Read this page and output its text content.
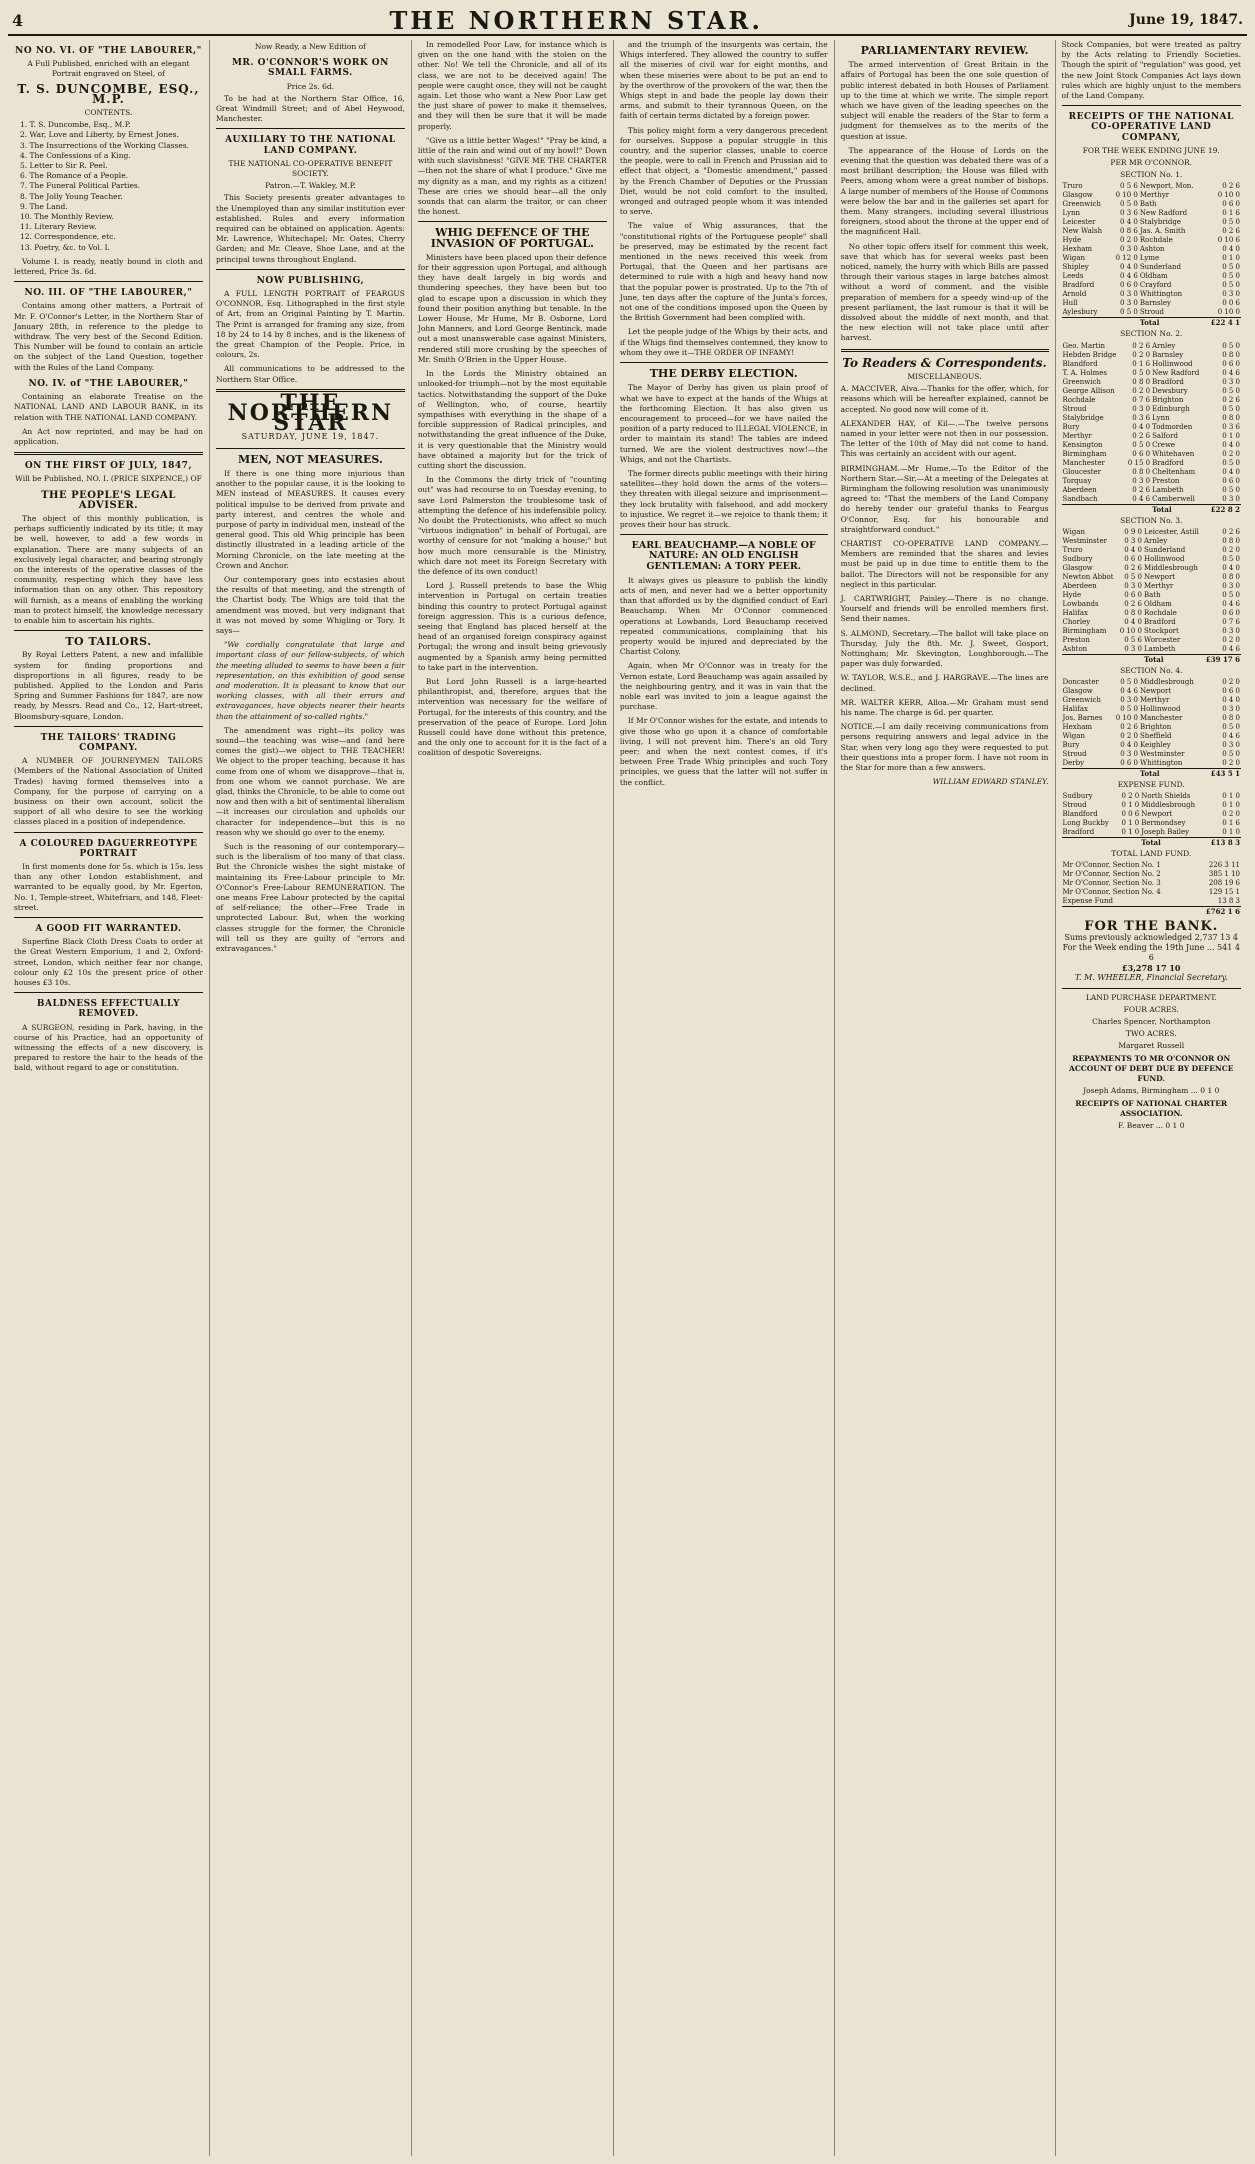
4	THE NORTHERN STAR.	June 19, 1847.
NO NO. VI. OF "THE LABOURER,"
A Full Published, enriched with an elegant Portrait engraved on Steel, of
T. S. DUNCOMBE, ESQ., M.P.
CONTENTS.
1. T. S. Duncombe, Esq., M.P.
2. War, Love and Liberty, by Ernest Jones.
3. The Insurrections of the Working Classes.
4. The Confessions of a King.
5. Letter to Sir R. Peel.
6. The Romance of a People.
7. The Funeral Political Parties.
8. The Jolly Young Teacher.
9. The Land.
10. The Monthly Review.
11. Literary Review.
12. Correspondence, etc.
13. Poetry, &c. to Vol. I.

Volume I. is ready, neatly bound in cloth and lettered, Price 3s. 6d.

NO. III. OF "THE LABOURER,"

Contains among other matters, a Portrait of Mr. F. O'Connor's Letter, in the Northern Star of January 28th, in reference to the pledge to withdraw. The very best of the Second Edition. This Number will be found to contain an article on the subject of the Land Question, together with the Rules of the Land Company.

NO. IV. of "THE LABOURER,"

Containing an elaborate Treatise on the NATIONAL LAND AND LABOUR BANK, in its relation with THE NATIONAL LAND COMPANY.

An Act now reprinted, and may be had on application.

ON THE FIRST OF JULY, 1847,
Will be Published, NO. I. (PRICE SIXPENCE,) OF
THE PEOPLE'S LEGAL ADVISER.

The object of this monthly publication, is perhaps sufficiently indicated by its title; it may be well, however, to add a few words in explanation. There are many subjects of an exclusively legal character, and bearing strongly on the interests of the operative classes of the community, respecting which they have less information than on any other. This repository will furnish, as a means of enabling the working man to protect himself, the knowledge necessary to enable him to ascertain his rights.

TO TAILORS.

By Royal Letters Patent, a new and infallible system for finding proportions and disproportions in all figures, ready to be published. Applied to the London and Paris Spring and Summer Fashions for 1847, are now ready, by Messrs. Read and Co., 12, Hart-street, Bloomsbury-square, London.

THE TAILORS' TRADING COMPANY.

A NUMBER OF JOURNEYMEN TAILORS (Members of the National Association of United Trades) having formed themselves into a Company, for the purpose of carrying on a business on their own account, solicit the support of all who desire to see the working classes placed in a position of independence.

A COLOURED DAGUERREOTYPE PORTRAIT

In first moments done for 5s. which is 15s. less than any other London establishment, and warranted to be equally good, by Mr. Egerton, No. 1, Temple-street, Whitefriars, and 148, Fleet-street.

A GOOD FIT WARRANTED.

Superfine Black Cloth Dress Coats to order at the Great Western Emporium, 1 and 2, Oxford-street, London, which neither fear nor change, colour only £2 10s the present price of other houses £3 10s.

BALDNESS EFFECTUALLY REMOVED.

A SURGEON, residing in Park, having, in the course of his Practice, had an opportunity of witnessing the effects of a new discovery, is prepared to restore the hair to the heads of the bald, without regard to age or constitution.

Now Ready, a New Edition of
MR. O'CONNOR'S WORK ON SMALL FARMS.
Price 2s. 6d.

To be had at the Northern Star Office, 16, Great Windmill Street; and of Abel Heywood, Manchester.

AUXILIARY TO THE NATIONAL LAND COMPANY.
THE NATIONAL CO-OPERATIVE BENEFIT SOCIETY.
Patron.—T. Wakley, M.P.

This Society presents greater advantages to the Unemployed than any similar institution ever established. Rules and every information required can be obtained on application. Agents: Mr. Lawrence, Whitechapel; Mr. Oates, Cherry Garden; and Mr. Cleave, Shoe Lane, and at the principal towns throughout England.

NOW PUBLISHING,

A FULL LENGTH PORTRAIT of FEARGUS O'CONNOR, Esq. Lithographed in the first style of Art, from an Original Painting by T. Martin. The Print is arranged for framing any size, from 18 by 24 to 14 by 8 inches, and is the likeness of the great Champion of the People. Price, in colours, 2s.

All communications to be addressed to the Northern Star Office.

THE NORTHERN STAR
SATURDAY, JUNE 19, 1847.
MEN, NOT MEASURES.

If there is one thing more injurious than another to the popular cause, it is the looking to MEN instead of MEASURES. It causes every political impulse to be derived from private and party interest, and centres the whole and purpose of party in individual men, instead of the general good. This old Whig principle has been distinctly illustrated in a leading article of the Morning Chronicle, on the late meeting at the Crown and Anchor.

Our contemporary goes into ecstasies about the results of that meeting, and the strength of the Chartist body. The Whigs are told that the amendment was moved, but very indignant that it was not moved by some Whigling or Tory. It says—

"We cordially congratulate that large and important class of our fellow-subjects, of which the meeting alluded to seems to have been a fair representation, on this exhibition of good sense and moderation. It is pleasant to know that our working classes, with all their errors and extravagances, have objects nearer their hearts than the attainment of so-called rights."

The amendment was right—its policy was sound—the teaching was wise—and (and here comes the gist)—we object to THE TEACHER! We object to the proper teaching, because it has come from one of whom we disapprove—that is, from one whom we cannot purchase. We are glad, thinks the Chronicle, to be able to come out now and then with a bit of sentimental liberalism—it increases our circulation and upholds our character for independence—but this is no reason why we should go over to the enemy.

Such is the reasoning of our contemporary—such is the liberalism of too many of that class. But the Chronicle wishes the sight mistake of maintaining its Free-Labour principle to Mr. O'Connor's Free-Labour REMUNERATION. The one means Free Labour protected by the capital of self-reliance; the other—Free Trade in unprotected Labour. But, when the working classes struggle for the former, the Chronicle will tell us they are guilty of "errors and extravagances."

In remodelled Poor Law, for instance which is given on the one hand with the stolen on the other. No! We tell the Chronicle, and all of its class, we are not to be deceived again! The people were caught once, they will not be caught again. Let those who want a New Poor Law get the just share of power to make it themselves, and they will then be sure that it will be made properly.

"Give us a little better Wages!" "Pray be kind, a little of the rain and wind out of my bowl!" Down with such slavishness! "GIVE ME THE CHARTER—then not the share of what I produce." Give me my dignity as a man, and my rights as a citizen! These are cries we should hear—all the only sounds that can alarm the traitor, or can cheer the honest.

WHIG DEFENCE OF THE INVASION OF PORTUGAL.

Ministers have been placed upon their defence for their aggression upon Portugal, and although they have dealt largely in big words and thundering speeches, they have been but too glad to escape upon a discussion in which they found their position anything but tenable. In the Lower House, Mr Hume, Mr B. Osborne, Lord John Manners, and Lord George Bentinck, made out a most unanswerable case against Ministers, rendered still more crushing by the speeches of Mr. Smith O'Brien in the Upper House.

In the Lords the Ministry obtained an unlooked-for triumph—not by the most equitable tactics. Notwithstanding the support of the Duke of Wellington, who, of course, heartily sympathises with everything in the shape of a forcible suppression of Radical principles, and notwithstanding the great influence of the Duke, it is very questionable that the Ministry would have obtained a majority but for the trick of cutting short the discussion.

In the Commons the dirty trick of "counting out" was had recourse to on Tuesday evening, to save Lord Palmerston the troublesome task of attempting the defence of his indefensible policy. No doubt the Protectionists, who affect so much "virtuous indignation" in behalf of Portugal, are worthy of censure for not "making a house;" but how much more censurable is the Ministry, which dare not meet its Foreign Secretary with the defence of its own conduct!

Lord J. Russell pretends to base the Whig intervention in Portugal on certain treaties binding this country to protect Portugal against foreign aggression. This is a curious defence, seeing that England has placed herself at the head of an organised foreign conspiracy against Portugal; the wrong and insult being grievously augmented by a Spanish army being permitted to take part in the intervention.

But Lord John Russell is a large-hearted philanthropist, and, therefore, argues that the intervention was necessary for the welfare of Portugal, for the interests of this country, and the preservation of the peace of Europe. Lord John Russell could have done without this pretence, and the only one to account for it is the fact of a coalition of despotic Sovereigns.

and the triumph of the insurgents was certain, the Whigs interfered. They allowed the country to suffer all the miseries of civil war for eight months, and when these miseries were about to be put an end to by the overthrow of the provokers of the war, then the Whigs stept in and bade the people lay down their arms, and submit to their tyrannous Queen, on the faith of certain terms dictated by a foreign power.

This policy might form a very dangerous precedent for ourselves. Suppose a popular struggle in this country, and the superior classes, unable to coerce the people, were to call in French and Prussian aid to effect that object, a "Domestic amendment," passed by the French Chamber of Deputies or the Prussian Diet, would be not cold comfort to the insulted, wronged and outraged people whom it was intended to serve.

The value of Whig assurances, that the "constitutional rights of the Portuguese people" shall be preserved, may be estimated by the recent fact mentioned in the news received this week from Portugal, that the Queen and her partisans are determined to rule with a high and heavy hand now that the popular power is prostrated. Up to the 7th of June, ten days after the capture of the Junta's forces, not one of the conditions imposed upon the Queen by the British Government had been complied with.

Let the people judge of the Whigs by their acts, and if the Whigs find themselves contemned, they know to whom they owe it—THE ORDER OF INFAMY!

THE DERBY ELECTION.

The Mayor of Derby has given us plain proof of what we have to expect at the hands of the Whigs at the forthcoming Election. It has also given us encouragement to proceed—for we have nailed the position of a party reduced to ILLEGAL VIOLENCE, in order to maintain its stand! The tables are indeed turned. We are the violent destructives now!—the Whigs, and not the Chartists.

The former directs public meetings with their hiring satellites—they hold down the arms of the voters—they threaten with illegal seizure and imprisonment—they lock brutality with falsehood, and add mockery to injustice. We regret it—we rejoice to thank them; it proves their hour has struck.

EARL BEAUCHAMP.—A NOBLE OF NATURE: AN OLD ENGLISH GENTLEMAN: A TORY PEER.

It always gives us pleasure to publish the kindly acts of men, and never had we a better opportunity than that afforded us by the dignified conduct of Earl Beauchamp. When Mr O'Connor commenced operations at Lowbands, Lord Beauchamp received repeated communications, complaining that his property would be injured and depreciated by the Chartist Colony.

Again, when Mr O'Connor was in treaty for the Vernon estate, Lord Beauchamp was again assailed by the neighbouring gentry, and it was in vain that the noble earl was invited to join a league against the purchase.

If Mr O'Connor wishes for the estate, and intends to give those who go upon it a chance of comfortable living, I will not prevent him. There's an old Tory peer; and when the next contest comes, if it's between Free Trade Whig principles and such Tory principles, we guess that the latter will not suffer in the conflict.

PARLIAMENTARY REVIEW.

The armed intervention of Great Britain in the affairs of Portugal has been the one sole question of public interest debated in both Houses of Parliament up to the time at which we write. The simple report which we have given of the leading speeches on the subject will enable the readers of the Star to form a judgment for themselves as to the merits of the question at issue.

The appearance of the House of Lords on the evening that the question was debated there was of a most brilliant description; the House was filled with Peers, among whom were a great number of bishops. A large number of members of the House of Commons were below the bar and in the galleries set apart for them. Many strangers, including several illustrious foreigners, stood about the throne at the upper end of the magnificent Hall.

No other topic offers itself for comment this week, save that which has for several weeks past been noticed, namely, the hurry with which Bills are passed through their various stages in large batches almost without a word of comment, and the visible preparation of members for a speedy wind-up of the present parliament, the last rumour is that it will be dissolved about the middle of next month, and that the new election will not take place until after harvest.

To Readers & Correspondents.
MISCELLANEOUS.

A. MACCIVER, Alva.—Thanks for the offer, which, for reasons which will be hereafter explained, cannot be accepted. No good now will come of it.

ALEXANDER HAY, of Kil—.—The twelve persons named in your letter were not then in our possession. The letter of the 10th of May did not come to hand. This was certainly an accident with our agent.

BIRMINGHAM.—Mr Hume.—To the Editor of the Northern Star.—Sir,—At a meeting of the Delegates at Birmingham the following resolution was unanimously agreed to: "That the members of the Land Company do hereby tender our grateful thanks to Feargus O'Connor, Esq. for his honourable and straightforward conduct."

CHARTIST CO-OPERATIVE LAND COMPANY.—Members are reminded that the shares and levies must be paid up in due time to entitle them to the ballot. The Directors will not be responsible for any neglect in this particular.

J. CARTWRIGHT, Paisley.—There is no change. Yourself and friends will be enrolled members first. Send their names.

S. ALMOND, Secretary.—The ballot will take place on Thursday, July the 8th. Mr. J. Sweet, Gosport, Nottingham; Mr. Skevington, Loughborough.—The paper was duly forwarded.

W. TAYLOR, W.S.E., and J. HARGRAVE.—The lines are declined.

MR. WALTER KERR, Alloa.—Mr Graham must send his name. The charge is 6d. per quarter.

NOTICE.—I am daily receiving communications from persons requiring answers and legal advice in the Star, when very long ago they were requested to put their questions into a proper form. I have not room in the Star for more than a few answers.

WILLIAM EDWARD STANLEY.

Stock Companies, but were treated as paltry by the Acts relating to Friendly Societies. Though the spirit of "regulation" was good, yet the new Joint Stock Companies Act lays down rules which are highly unjust to the members of the Land Company.

RECEIPTS OF THE NATIONAL CO-OPERATIVE LAND COMPANY,
FOR THE WEEK ENDING JUNE 19.
PER MR O'CONNOR.
SECTION No. 1.
Truro	0 5 6	Newport, Mon.	0 2 6
Glasgow	0 10 0	Merthyr	0 10 0
Greenwich	0 5 0	Bath	0 6 0
Lynn	0 3 6	New Radford	0 1 6
Leicester	0 4 0	Stalybridge	0 5 0
New Walsh	0 8 6	Jas. A. Smith	0 2 6
Hyde	0 2 0	Rochdale	0 10 6
Hexham	0 3 0	Ashton	0 4 0
Wigan	0 12 0	Lyme	0 1 0
Shipley	0 4 0	Sunderland	0 5 0
Leeds	0 4 6	Oldham	0 5 0
Bradford	0 6 0	Crayford	0 5 0
Arnold	0 3 0	Whittington	0 3 0
Hull	0 3 0	Barnsley	0 0 6
Aylesbury	0 5 0	Stroud	0 10 0
		Total	£22 4 1
SECTION No. 2.
Geo. Martin	0 2 6	Arnley	0 5 0
Hebden Bridge	0 2 0	Barnsley	0 8 0
Blandford	0 1 6	Hollinwood	0 6 0
T. A. Holmes	0 5 0	New Radford	0 4 6
Greenwich	0 8 0	Bradford	0 3 0
George Allison	0 2 0	Dewsbury	0 5 0
Rochdale	0 7 6	Brighton	0 2 6
Stroud	0 3 0	Edinburgh	0 5 0
Stalybridge	0 3 6	Lynn	0 8 0
Bury	0 4 0	Todmorden	0 3 6
Merthyr	0 2 6	Salford	0 1 0
Kensington	0 5 0	Crewe	0 4 0
Birmingham	0 6 0	Whitehaven	0 2 0
Manchester	0 15 0	Bradford	0 5 0
Gloucester	0 8 0	Cheltenham	0 4 0
Torquay	0 3 0	Preston	0 6 0
Aberdeen	0 2 6	Lambeth	0 5 0
Sandbach	0 4 6	Camberwell	0 3 0
		Total	£22 8 2
SECTION No. 3.
Wigan	0 9 0	Leicester, Astill	0 2 6
Westminster	0 3 0	Arnley	0 8 0
Truro	0 4 0	Sunderland	0 2 0
Sudbury	0 6 0	Hollinwood	0 5 0
Glasgow	0 2 6	Middlesbrough	0 4 0
Newton Abbot	0 5 0	Newport	0 8 0
Aberdeen	0 3 0	Merthyr	0 3 0
Hyde	0 6 0	Bath	0 5 0
Lowbands	0 2 6	Oldham	0 4 6
Halifax	0 8 0	Rochdale	0 6 0
Chorley	0 4 0	Bradford	0 7 6
Birmingham	0 10 0	Stockport	0 3 0
Preston	0 5 6	Worcester	0 2 0
Ashton	0 3 0	Lambeth	0 4 6
		Total	£39 17 6
SECTION No. 4.
Doncaster	0 5 0	Middlesbrough	0 2 0
Glasgow	0 4 6	Newport	0 6 0
Greenwich	0 3 0	Merthyr	0 4 0
Halifax	0 5 0	Hollinwood	0 3 0
Jos. Barnes	0 10 0	Manchester	0 8 0
Hexham	0 2 6	Brighton	0 5 0
Wigan	0 2 0	Sheffield	0 4 6
Bury	0 4 0	Keighley	0 3 0
Stroud	0 3 0	Westminster	0 5 0
Derby	0 6 0	Whittington	0 2 0
		Total	£43 5 1
EXPENSE FUND.
Sudbury	0 2 0	North Shields	0 1 0
Stroud	0 1 0	Middlesbrough	0 1 0
Blandford	0 0 6	Newport	0 2 0
Long Buckby	0 1 0	Bermondsey	0 1 6
Bradford	0 1 0	Joseph Bailey	0 1 0
		Total	£13 8 3
TOTAL LAND FUND.
Mr O'Connor, Section No. 1	226 3 11
Mr O'Connor, Section No. 2	385 1 10
Mr O'Connor, Section No. 3	208 19 6
Mr O'Connor, Section No. 4	129 15 1
Expense Fund	13 8 3
	£762 1 6
FOR THE BANK.
Sums previously acknowledged 2,737 13 4
For the Week ending the 19th June ... 541 4 6
£3,278 17 10
T. M. WHEELER, Financial Secretary.
LAND PURCHASE DEPARTMENT.
FOUR ACRES.
Charles Spencer, Northampton
TWO ACRES.
Margaret Russell
REPAYMENTS TO MR O'CONNOR ON ACCOUNT OF DEBT DUE BY DEFENCE FUND.
Joseph Adams, Birmingham ... 0 1 0
RECEIPTS OF NATIONAL CHARTER ASSOCIATION.
F. Beaver ... 0 1 0
